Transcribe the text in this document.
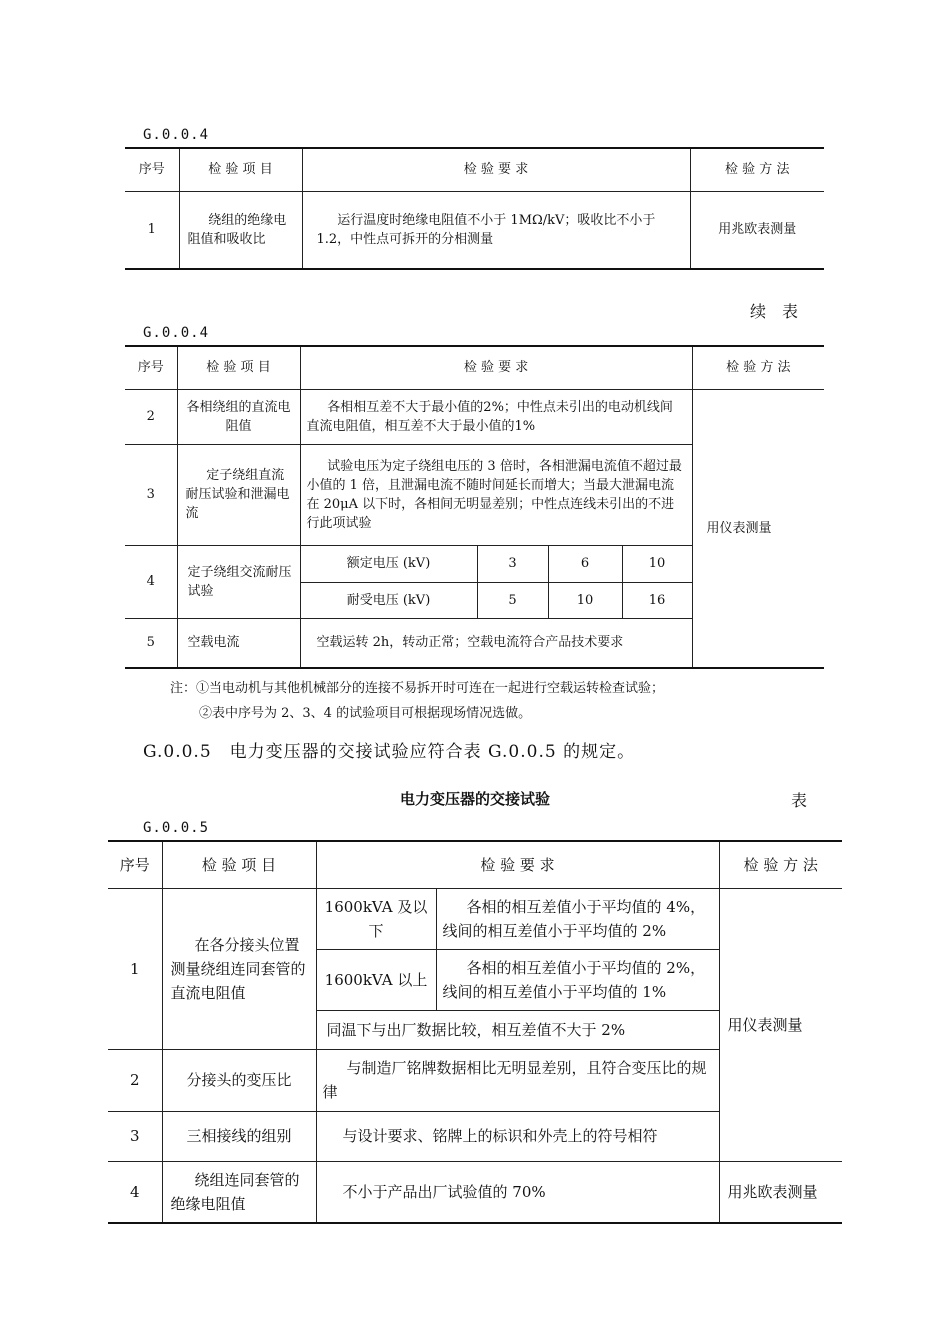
G.0.0.4
序号	检 验 项 目	检 验 要 求	检 验 方 法
1	绕组的绝缘电阻值和吸收比	运行温度时绝缘电阻值不小于 1MΩ/kV；吸收比不小于1.2，中性点可拆开的分相测量	用兆欧表测量
续　表
G.0.0.4
序号	检 验 项 目	检 验 要 求				检 验 方 法
2	各相绕组的直流电阻值	各相相互差不大于最小值的2%；中性点未引出的电动机线间直流电阻值，相互差不大于最小值的1%				用仪表测量
3	定子绕组直流耐压试验和泄漏电流	试验电压为定子绕组电压的 3 倍时，各相泄漏电流值不超过最小值的 1 倍，且泄漏电流不随时间延长而增大；当最大泄漏电流在 20μA 以下时，各相间无明显差别；中性点连线未引出的不进行此项试验				
4	定子绕组交流耐压试验	额定电压 (kV)	3	6	10	
		耐受电压 (kV)	5	10	16	
5	空载电流	空载运转 2h，转动正常；空载电流符合产品技术要求				
注：①当电动机与其他机械部分的连接不易拆开时可连在一起进行空载运转检查试验；
②表中序号为 2、3、4 的试验项目可根据现场情况选做。
G.0.0.5　电力变压器的交接试验应符合表 G.0.0.5 的规定。
电力变压器的交接试验	表
G.0.0.5
序号	检 验 项 目	检 验 要 求		检 验 方 法
1	在各分接头位置测量绕组连同套管的直流电阻值	1600kVA 及以下	各相的相互差值小于平均值的 4%，线间的相互差值小于平均值的 2%	用仪表测量
		1600kVA 以上	各相的相互差值小于平均值的 2%，线间的相互差值小于平均值的 1%	
		同温下与出厂数据比较，相互差值不大于 2%		
2	分接头的变压比	与制造厂铭牌数据相比无明显差别，且符合变压比的规律		
3	三相接线的组别	与设计要求、铭牌上的标识和外壳上的符号相符		
4	绕组连同套管的绝缘电阻值	不小于产品出厂试验值的 70%		用兆欧表测量
